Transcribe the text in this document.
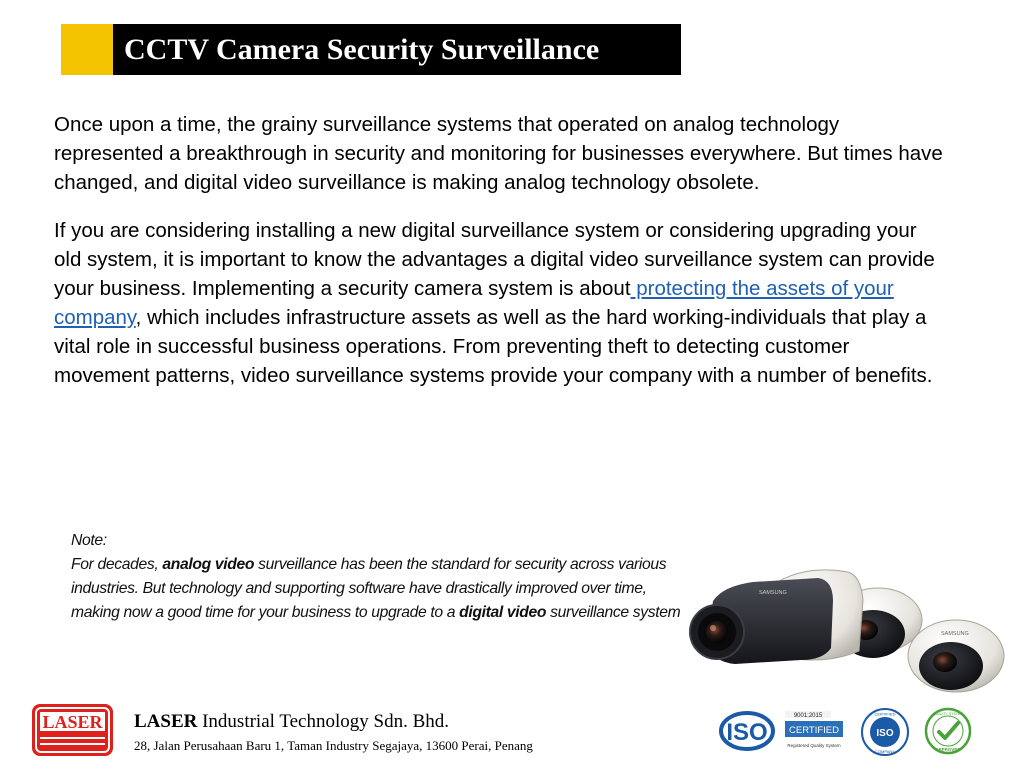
CCTV Camera Security Surveillance

Once upon a time, the grainy surveillance systems that operated on analog technology represented a breakthrough in security and monitoring for businesses everywhere. But times have changed, and digital video surveillance is making analog technology obsolete.

If you are considering installing a new digital surveillance system or considering upgrading your old system, it is important to know the advantages a digital video surveillance system can provide your business. Implementing a security camera system is about protecting the assets of your company, which includes infrastructure assets as well as the hard working-individuals that play a vital role in successful business operations. From preventing theft to detecting customer movement patterns, video surveillance systems provide your company with a number of benefits.

Note:
For decades, analog video surveillance has been the standard for security across various industries. But technology and supporting software have drastically improved over time, making now a good time for your business to upgrade to a digital video surveillance system
SAMSUNG
SAMSUNG
LASER LASER Industrial Technology Sdn. Bhd.
28, Jalan Perusahaan Baru 1, Taman Industry Segajaya, 13600 Perai, Penang	ISO
9001:2015
CERTIFIED
Registered Quality System
ISO
CERTIFIED
COMPANY
QUALITY SYSTEM
APPROVED
